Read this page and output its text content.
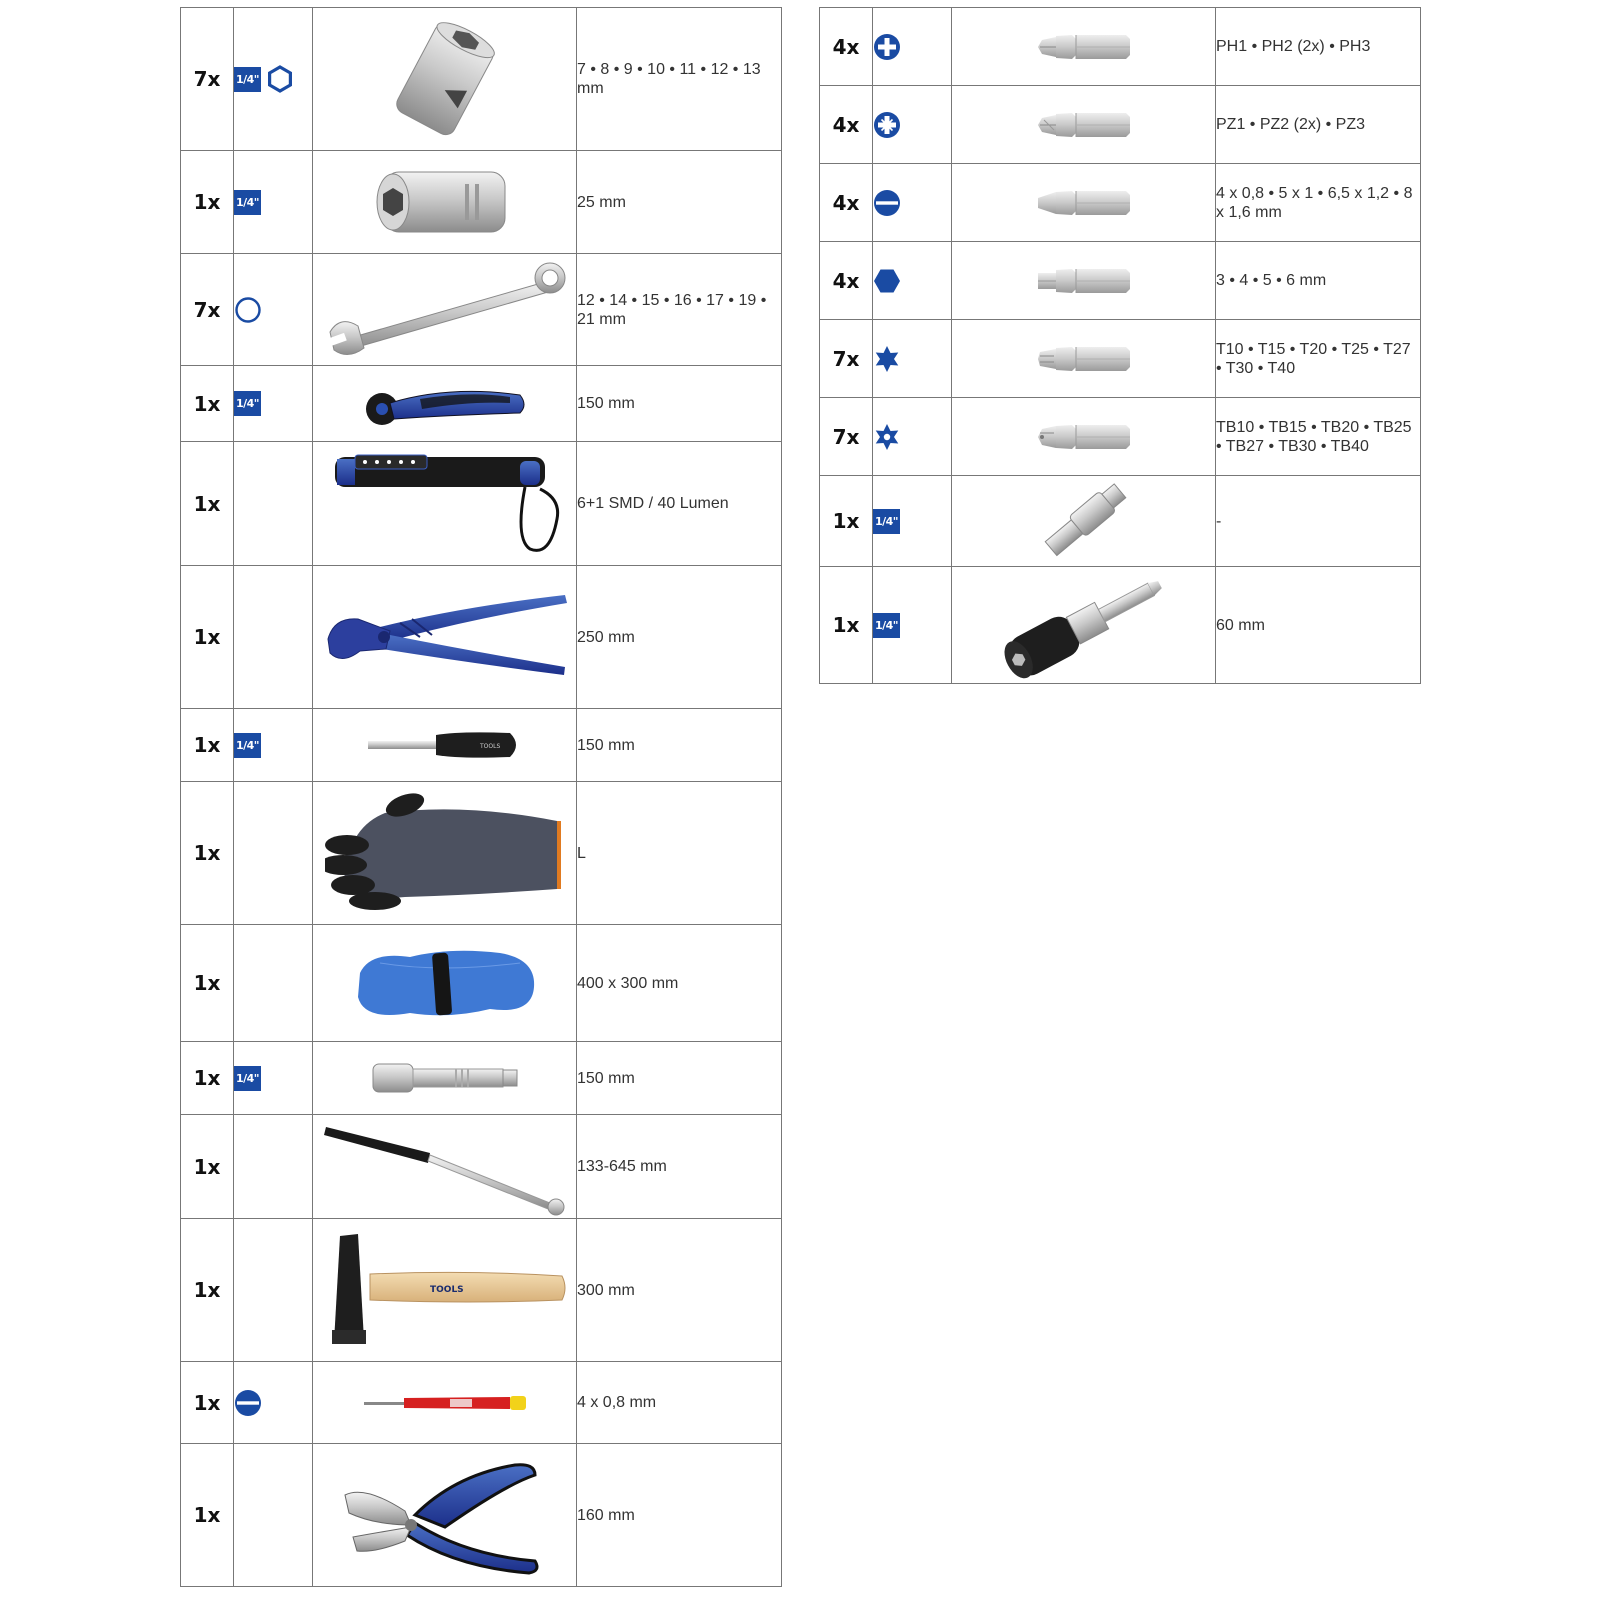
7x	1/4"		7 • 8 • 9 • 10 • 11 • 12 • 13 mm
1x	1/4"		25 mm
7x			12 • 14 • 15 • 16 • 17 • 19 • 21 mm
1x	1/4"		150 mm
1x			6+1 SMD / 40 Lumen
1x			250 mm
1x	1/4"	TOOLS	150 mm
1x			L
1x			400 x 300 mm
1x	1/4"		150 mm
1x			133-645 mm
1x		TOOLS	300 mm
1x			4 x 0,8 mm
1x			160 mm
4x			PH1 • PH2 (2x) • PH3
4x			PZ1 • PZ2 (2x) • PZ3
4x			4 x 0,8 • 5 x 1 • 6,5 x 1,2 • 8 x 1,6 mm
4x			3 • 4 • 5 • 6 mm
7x			T10 • T15 • T20 • T25 • T27 • T30 • T40
7x			TB10 • TB15 • TB20 • TB25 • TB27 • TB30 • TB40
1x	1/4"		-
1x	1/4"		60 mm
